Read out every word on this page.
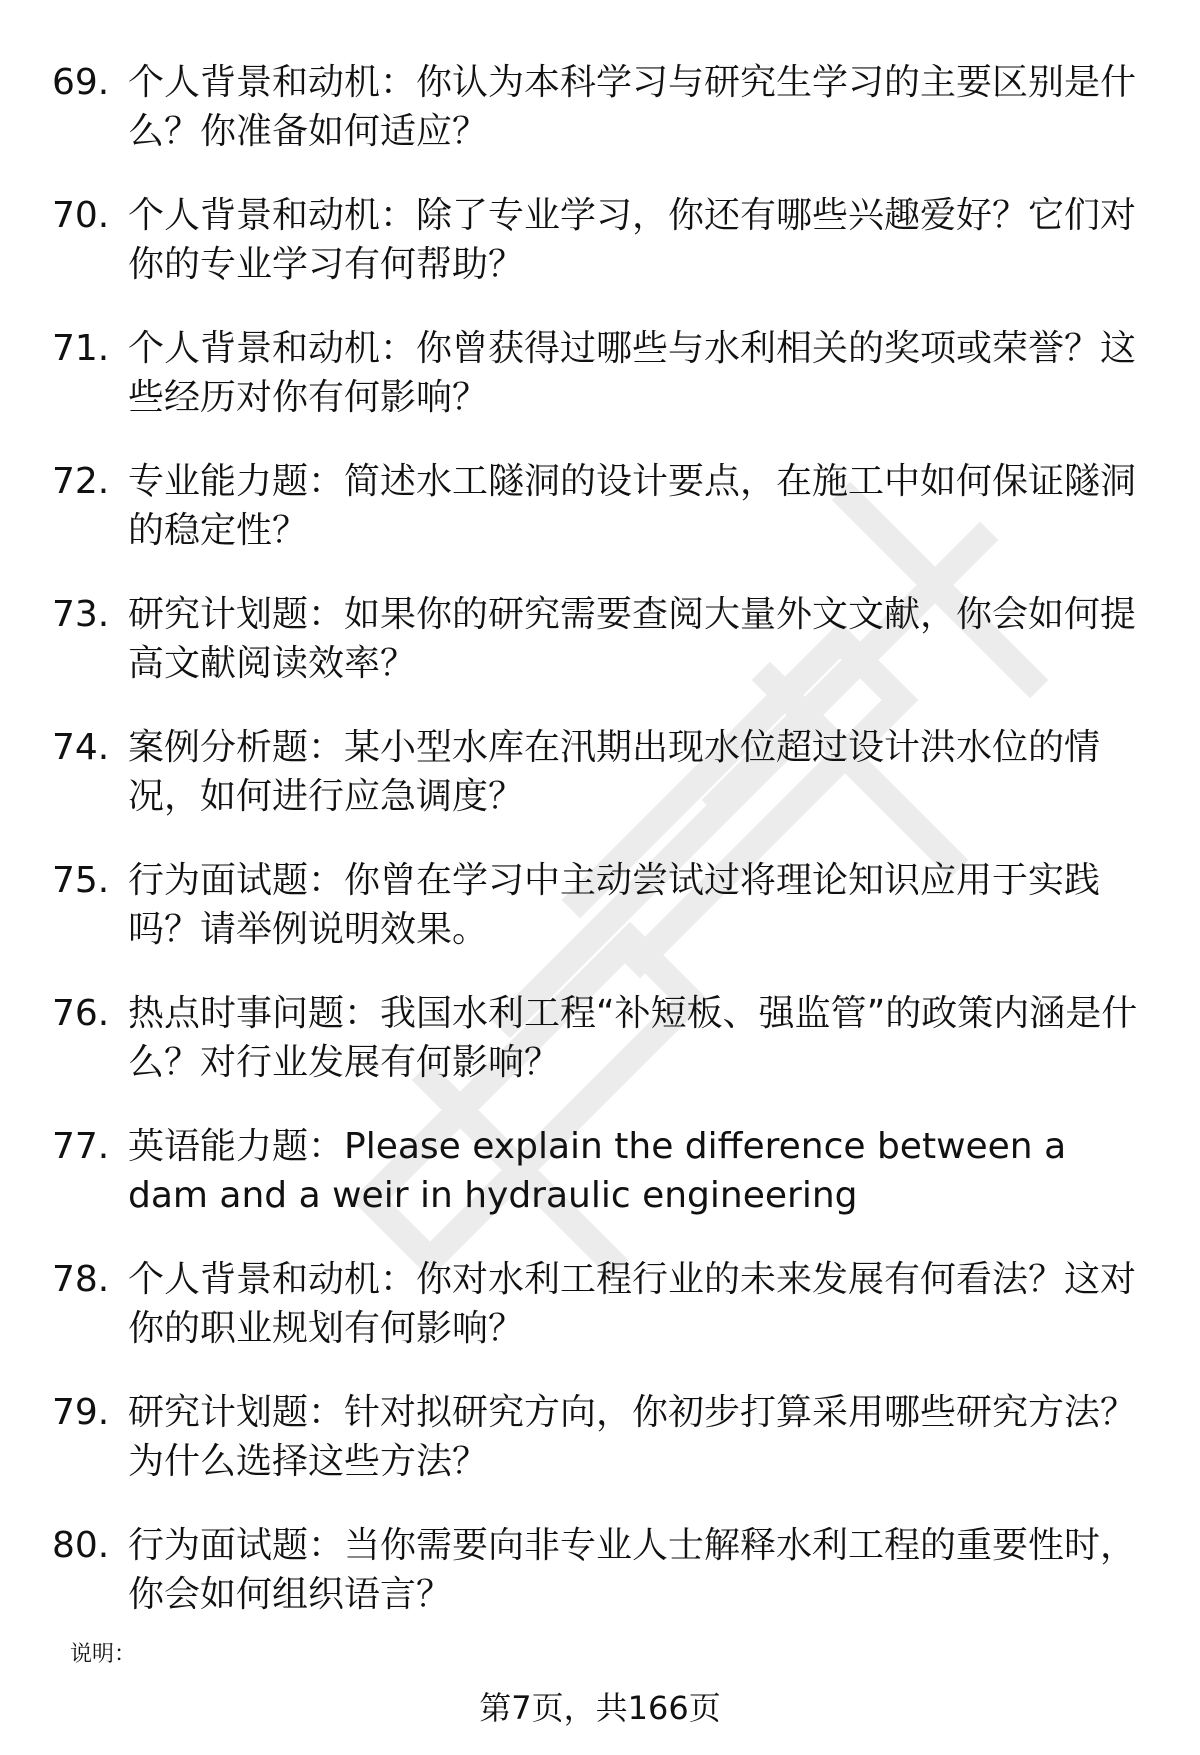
69. 个人背景和动机：你认为本科学习与研究生学习的主要区别是什么？你准备如何适应？
70. 个人背景和动机：除了专业学习，你还有哪些兴趣爱好？它们对你的专业学习有何帮助？
71. 个人背景和动机：你曾获得过哪些与水利相关的奖项或荣誉？这些经历对你有何影响？
72. 专业能力题：简述水工隧洞的设计要点，在施工中如何保证隧洞的稳定性？
73. 研究计划题：如果你的研究需要查阅大量外文文献，你会如何提高文献阅读效率？
74. 案例分析题：某小型水库在汛期出现水位超过设计洪水位的情况，如何进行应急调度？
75. 行为面试题：你曾在学习中主动尝试过将理论知识应用于实践吗？请举例说明效果。
76. 热点时事问题：我国水利工程“补短板、强监管”的政策内涵是什么？对行业发展有何影响？
77. 英语能力题：Please explain the difference between a dam and a weir in hydraulic engineering
78. 个人背景和动机：你对水利工程行业的未来发展有何看法？这对你的职业规划有何影响？
79. 研究计划题：针对拟研究方向，你初步打算采用哪些研究方法？为什么选择这些方法？
80. 行为面试题：当你需要向非专业人士解释水利工程的重要性时，你会如何组织语言？
说明：
第7页，共166页
